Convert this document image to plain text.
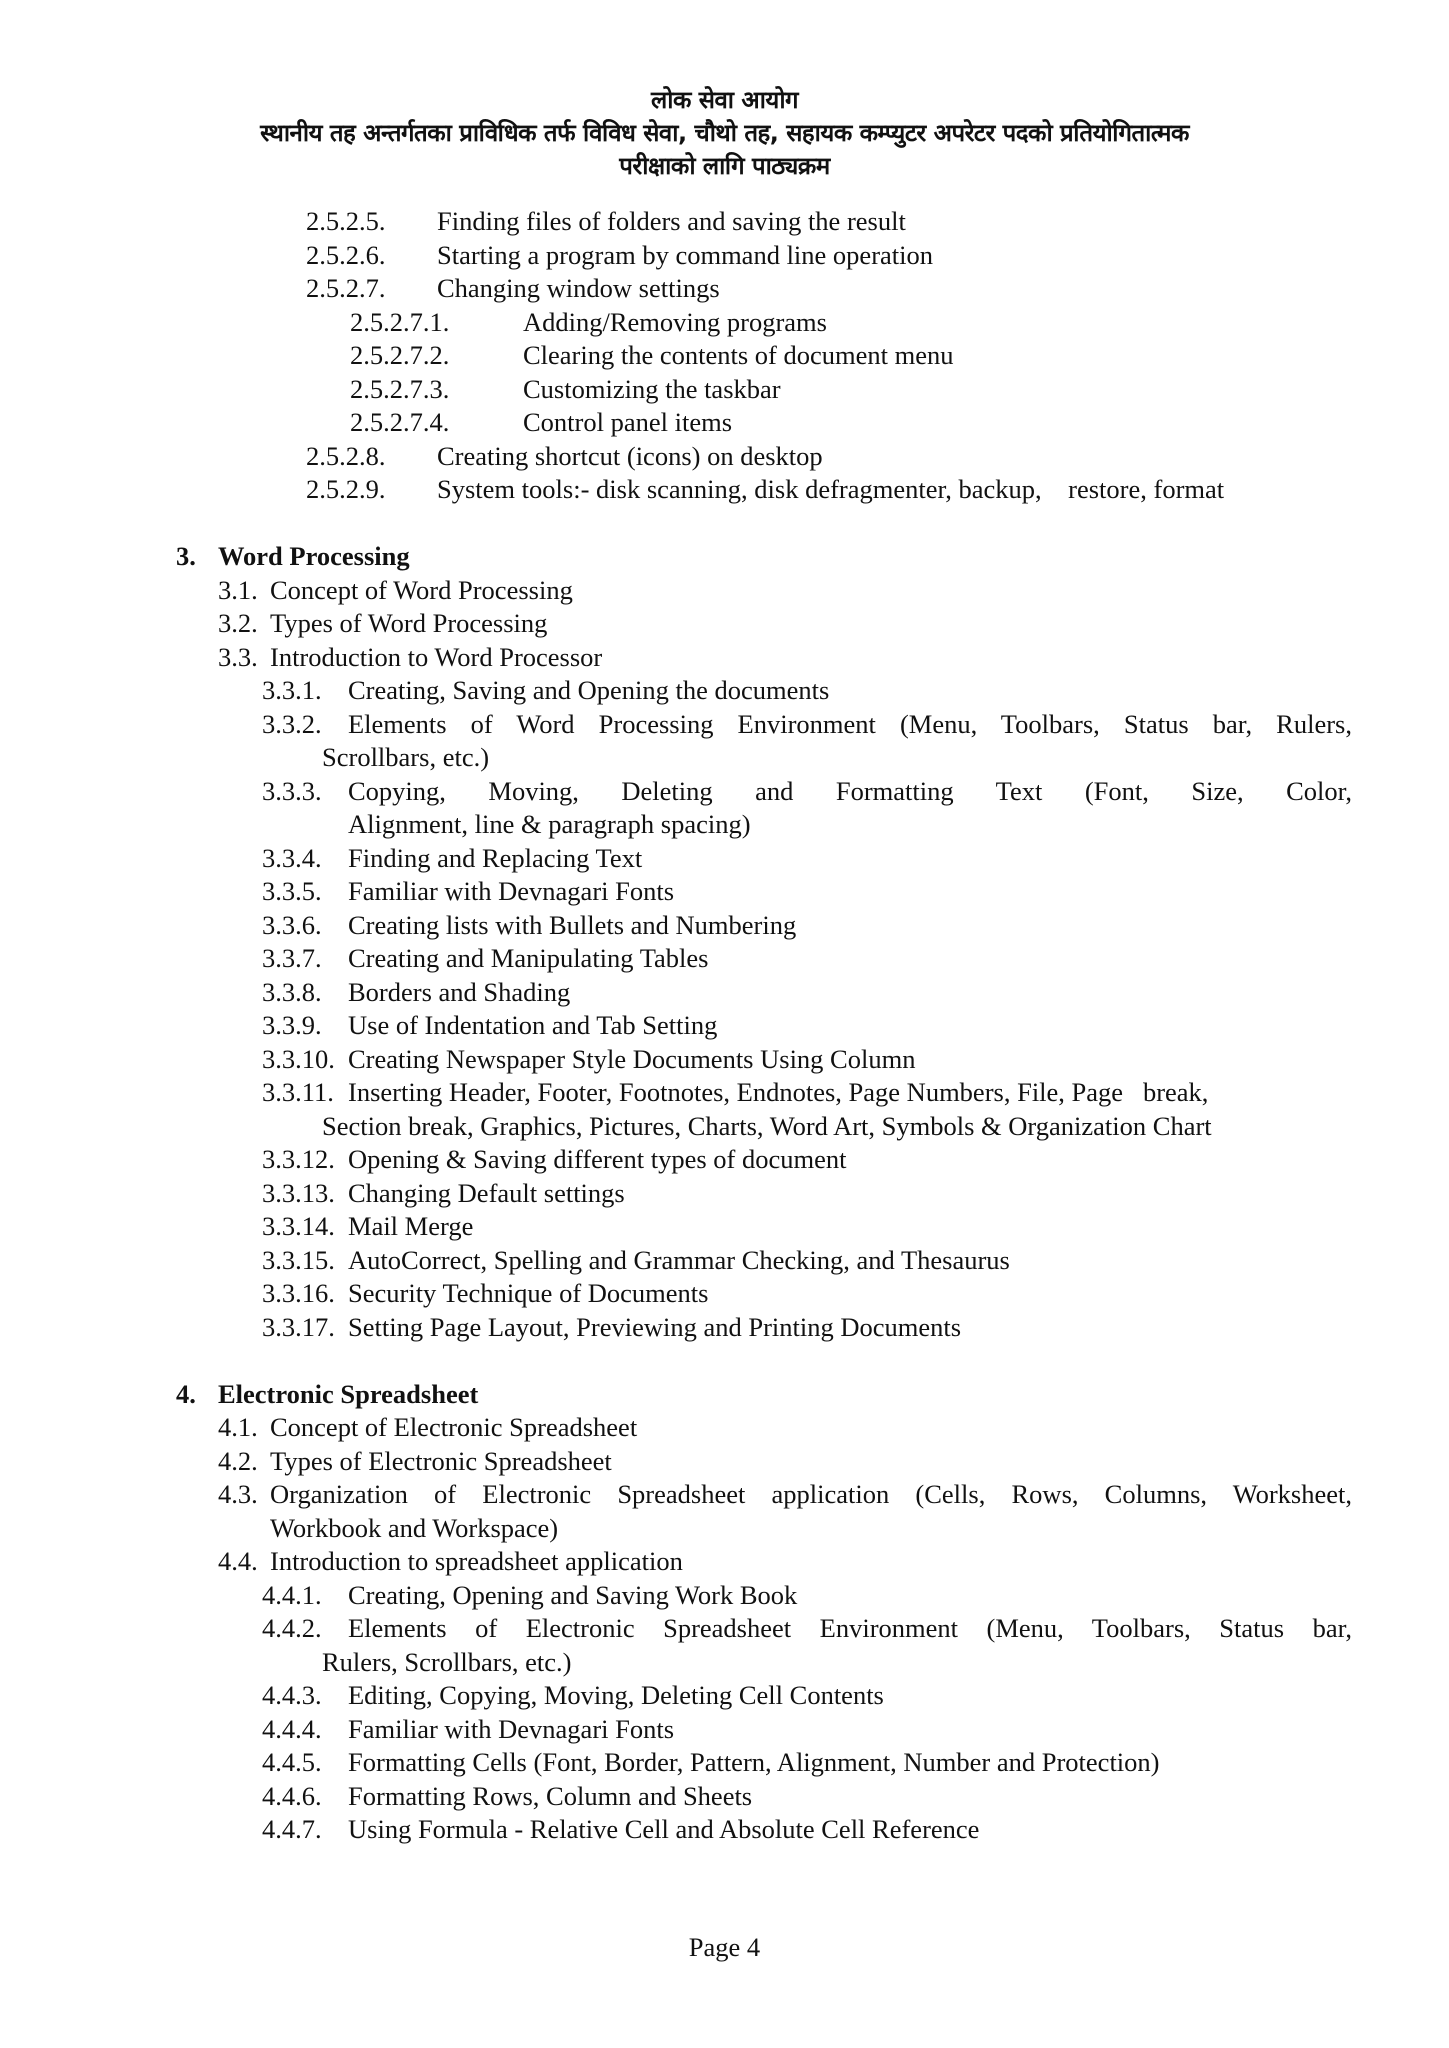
लोक सेवा आयोग
स्थानीय तह अन्तर्गतका प्राविधिक तर्फ विविध सेवा, चौथो तह, सहायक कम्प्युटर अपरेटर पदको प्रतियोगितात्मक
परीक्षाको लागि पाठ्यक्रम
2.5.2.5. Finding files of folders and saving the result
2.5.2.6. Starting a program by command line operation
2.5.2.7. Changing window settings
2.5.2.7.1.	Adding/Removing programs
2.5.2.7.2.	Clearing the contents of document menu
2.5.2.7.3.	Customizing the taskbar
2.5.2.7.4.	Control panel items
2.5.2.8. Creating shortcut (icons) on desktop
2.5.2.9. System tools:- disk scanning, disk defragmenter, backup,    restore, format
3. Word Processing
3.1. Concept of Word Processing
3.2. Types of Word Processing
3.3. Introduction to Word Processor
3.3.1. Creating, Saving and Opening the documents
3.3.2. Elements of Word Processing Environment (Menu, Toolbars, Status bar, Rulers,
Scrollbars, etc.)
3.3.3. Copying, Moving, Deleting and Formatting Text (Font, Size, Color,
Alignment, line & paragraph spacing)
3.3.4. Finding and Replacing Text
3.3.5. Familiar with Devnagari Fonts
3.3.6. Creating lists with Bullets and Numbering
3.3.7. Creating and Manipulating Tables
3.3.8. Borders and Shading
3.3.9. Use of Indentation and Tab Setting
3.3.10. Creating Newspaper Style Documents Using Column
3.3.11. Inserting Header, Footer, Footnotes, Endnotes, Page Numbers, File, Page   break,
Section break, Graphics, Pictures, Charts, Word Art, Symbols & Organization Chart
3.3.12. Opening & Saving different types of document
3.3.13. Changing Default settings
3.3.14. Mail Merge
3.3.15. AutoCorrect, Spelling and Grammar Checking, and Thesaurus
3.3.16. Security Technique of Documents
3.3.17. Setting Page Layout, Previewing and Printing Documents
4. Electronic Spreadsheet
4.1. Concept of Electronic Spreadsheet
4.2. Types of Electronic Spreadsheet
4.3. Organization of Electronic Spreadsheet application (Cells, Rows, Columns, Worksheet,
Workbook and Workspace)
4.4. Introduction to spreadsheet application
4.4.1. Creating, Opening and Saving Work Book
4.4.2. Elements of Electronic Spreadsheet Environment (Menu, Toolbars, Status bar,
Rulers, Scrollbars, etc.)
4.4.3. Editing, Copying, Moving, Deleting Cell Contents
4.4.4. Familiar with Devnagari Fonts
4.4.5. Formatting Cells (Font, Border, Pattern, Alignment, Number and Protection)
4.4.6. Formatting Rows, Column and Sheets
4.4.7. Using Formula - Relative Cell and Absolute Cell Reference
Page 4
